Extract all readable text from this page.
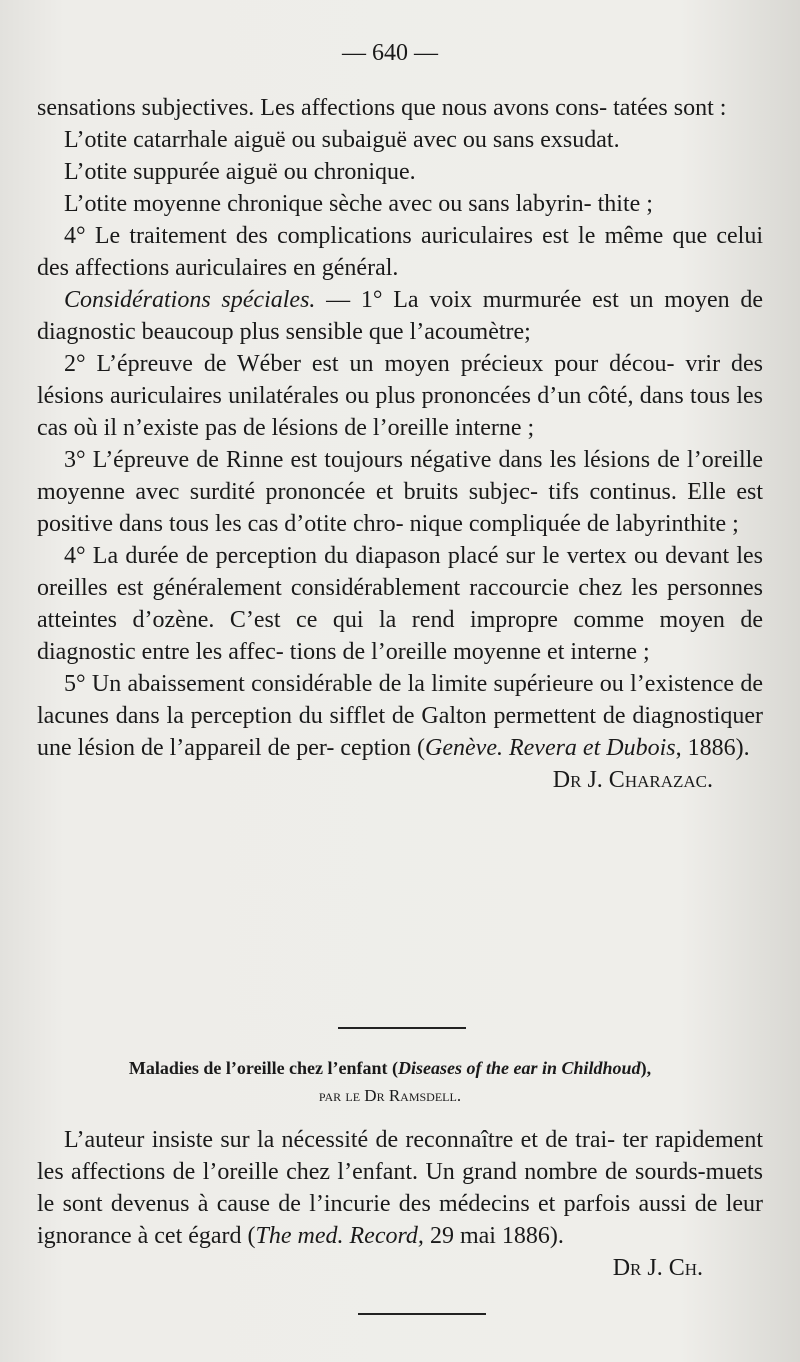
— 640 —

sensations subjectives. Les affections que nous avons cons- tatées sont :

L’otite catarrhale aiguë ou subaiguë avec ou sans exsudat.

L’otite suppurée aiguë ou chronique.

L’otite moyenne chronique sèche avec ou sans labyrin- thite ;

4° Le traitement des complications auriculaires est le même que celui des affections auriculaires en général.

Considérations spéciales. — 1° La voix murmurée est un moyen de diagnostic beaucoup plus sensible que l’acoumètre;

2° L’épreuve de Wéber est un moyen précieux pour décou- vrir des lésions auriculaires unilatérales ou plus prononcées d’un côté, dans tous les cas où il n’existe pas de lésions de l’oreille interne ;

3° L’épreuve de Rinne est toujours négative dans les lésions de l’oreille moyenne avec surdité prononcée et bruits subjec- tifs continus. Elle est positive dans tous les cas d’otite chro- nique compliquée de labyrinthite ;

4° La durée de perception du diapason placé sur le vertex ou devant les oreilles est généralement considérablement raccourcie chez les personnes atteintes d’ozène. C’est ce qui la rend impropre comme moyen de diagnostic entre les affec- tions de l’oreille moyenne et interne ;

5° Un abaissement considérable de la limite supérieure ou l’existence de lacunes dans la perception du sifflet de Galton permettent de diagnostiquer une lésion de l’appareil de per- ception (Genève. Revera et Dubois, 1886).

Dr J. Charazac.

Maladies de l’oreille chez l’enfant (Diseases of the ear in Childhoud),
par le Dr Ramsdell.

L’auteur insiste sur la nécessité de reconnaître et de trai- ter rapidement les affections de l’oreille chez l’enfant. Un grand nombre de sourds-muets le sont devenus à cause de l’incurie des médecins et parfois aussi de leur ignorance à cet égard (The med. Record, 29 mai 1886).

Dr J. Ch.
